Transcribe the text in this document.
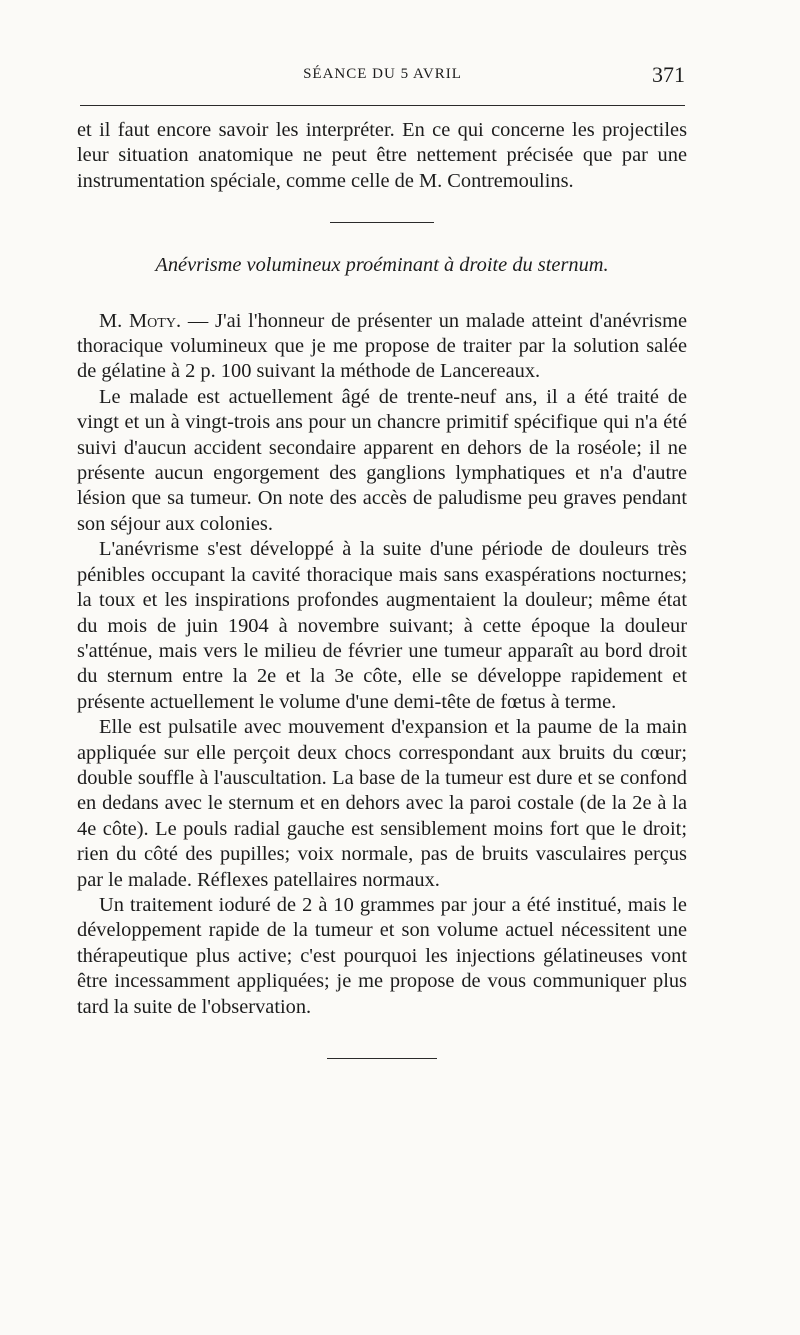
SÉANCE DU 5 AVRIL	371

et il faut encore savoir les interpréter. En ce qui concerne les projectiles leur situation anatomique ne peut être nettement précisée que par une instrumentation spéciale, comme celle de M. Contremoulins.

Anévrisme volumineux proéminant à droite du sternum.

M. Moty. — J'ai l'honneur de présenter un malade atteint d'anévrisme thoracique volumineux que je me propose de traiter par la solution salée de gélatine à 2 p. 100 suivant la méthode de Lancereaux.

Le malade est actuellement âgé de trente-neuf ans, il a été traité de vingt et un à vingt-trois ans pour un chancre primitif spécifique qui n'a été suivi d'aucun accident secondaire apparent en dehors de la roséole; il ne présente aucun engorgement des ganglions lymphatiques et n'a d'autre lésion que sa tumeur. On note des accès de paludisme peu graves pendant son séjour aux colonies.

L'anévrisme s'est développé à la suite d'une période de douleurs très pénibles occupant la cavité thoracique mais sans exaspérations nocturnes; la toux et les inspirations profondes augmentaient la douleur; même état du mois de juin 1904 à novembre suivant; à cette époque la douleur s'atténue, mais vers le milieu de février une tumeur apparaît au bord droit du sternum entre la 2e et la 3e côte, elle se développe rapidement et présente actuellement le volume d'une demi-tête de fœtus à terme.

Elle est pulsatile avec mouvement d'expansion et la paume de la main appliquée sur elle perçoit deux chocs correspondant aux bruits du cœur; double souffle à l'auscultation. La base de la tumeur est dure et se confond en dedans avec le sternum et en dehors avec la paroi costale (de la 2e à la 4e côte). Le pouls radial gauche est sensiblement moins fort que le droit; rien du côté des pupilles; voix normale, pas de bruits vasculaires perçus par le malade. Réflexes patellaires normaux.

Un traitement ioduré de 2 à 10 grammes par jour a été institué, mais le développement rapide de la tumeur et son volume actuel nécessitent une thérapeutique plus active; c'est pourquoi les injections gélatineuses vont être incessamment appliquées; je me propose de vous communiquer plus tard la suite de l'observation.
